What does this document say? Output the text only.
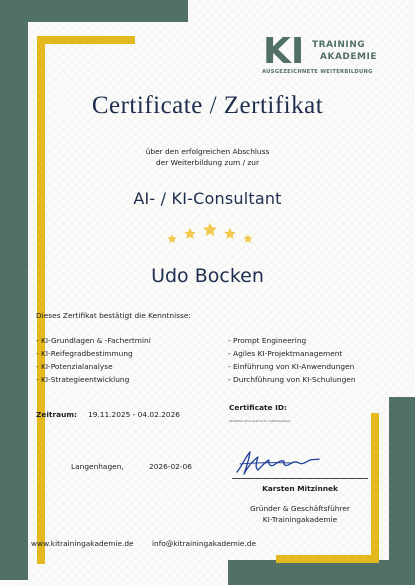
KI TRAINING
AKADEMIE
AUSGEZEICHNETE WEITERBILDUNG
Certificate / Zertifikat
über den erfolgreichen Abschluss
der Weiterbildung zum / zur
AI- / KI-Consultant
Udo Bocken
Dieses Zertifikat bestätigt die Kenntnisse:
- KI-Grundlagen & -Fachertmini
- KI-Reifegradbestimmung
- KI-Potenzialanalyse
- KI-Strategieentwicklung
- Prompt Engineering
- Agiles KI-Projektmanagement
- Einführung von KI-Anwendungen
- Durchführung von KI-Schulungen
Zeitraum: 19.11.2025 - 04.02.2026
Certificate ID:
b6a4f8e2-9f1a-4c2d-bf31-7e8c0d5a91e4
Langenhagen,	2026-02-06
Karsten Mitzinnek
Gründer & Geschäftsführer
KI-Trainingakademie
www.kitrainingakademie.de info@kitrainingakademie.de
